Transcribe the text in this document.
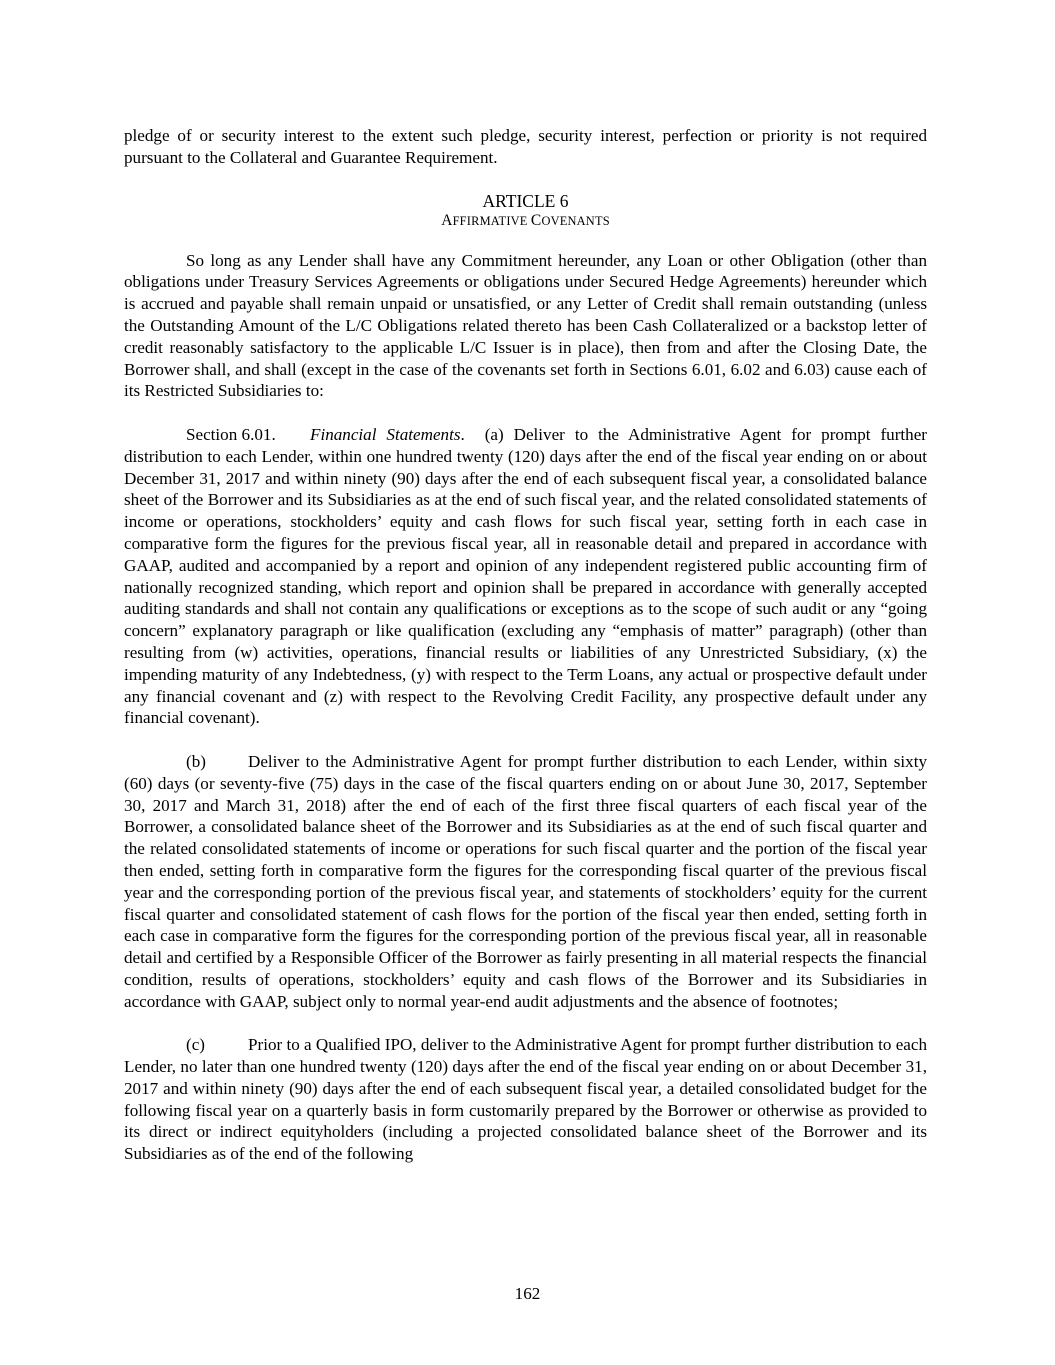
pledge of or security interest to the extent such pledge, security interest, perfection or priority is not required pursuant to the Collateral and Guarantee Requirement.

ARTICLE 6
AFFIRMATIVE COVENANTS

So long as any Lender shall have any Commitment hereunder, any Loan or other Obligation (other than obligations under Treasury Services Agreements or obligations under Secured Hedge Agreements) hereunder which is accrued and payable shall remain unpaid or unsatisfied, or any Letter of Credit shall remain outstanding (unless the Outstanding Amount of the L/C Obligations related thereto has been Cash Collateralized or a backstop letter of credit reasonably satisfactory to the applicable L/C Issuer is in place), then from and after the Closing Date, the Borrower shall, and shall (except in the case of the covenants set forth in Sections 6.01, 6.02 and 6.03) cause each of its Restricted Subsidiaries to:

Section 6.01. Financial Statements. (a) Deliver to the Administrative Agent for prompt further distribution to each Lender, within one hundred twenty (120) days after the end of the fiscal year ending on or about December 31, 2017 and within ninety (90) days after the end of each subsequent fiscal year, a consolidated balance sheet of the Borrower and its Subsidiaries as at the end of such fiscal year, and the related consolidated statements of income or operations, stockholders’ equity and cash flows for such fiscal year, setting forth in each case in comparative form the figures for the previous fiscal year, all in reasonable detail and prepared in accordance with GAAP, audited and accompanied by a report and opinion of any independent registered public accounting firm of nationally recognized standing, which report and opinion shall be prepared in accordance with generally accepted auditing standards and shall not contain any qualifications or exceptions as to the scope of such audit or any “going concern” explanatory paragraph or like qualification (excluding any “emphasis of matter” paragraph) (other than resulting from (w) activities, operations, financial results or liabilities of any Unrestricted Subsidiary, (x) the impending maturity of any Indebtedness, (y) with respect to the Term Loans, any actual or prospective default under any financial covenant and (z) with respect to the Revolving Credit Facility, any prospective default under any financial covenant).

(b) Deliver to the Administrative Agent for prompt further distribution to each Lender, within sixty (60) days (or seventy-five (75) days in the case of the fiscal quarters ending on or about June 30, 2017, September 30, 2017 and March 31, 2018) after the end of each of the first three fiscal quarters of each fiscal year of the Borrower, a consolidated balance sheet of the Borrower and its Subsidiaries as at the end of such fiscal quarter and the related consolidated statements of income or operations for such fiscal quarter and the portion of the fiscal year then ended, setting forth in comparative form the figures for the corresponding fiscal quarter of the previous fiscal year and the corresponding portion of the previous fiscal year, and statements of stockholders’ equity for the current fiscal quarter and consolidated statement of cash flows for the portion of the fiscal year then ended, setting forth in each case in comparative form the figures for the corresponding portion of the previous fiscal year, all in reasonable detail and certified by a Responsible Officer of the Borrower as fairly presenting in all material respects the financial condition, results of operations, stockholders’ equity and cash flows of the Borrower and its Subsidiaries in accordance with GAAP, subject only to normal year-end audit adjustments and the absence of footnotes;

(c)	Prior to a Qualified IPO, deliver to the Administrative Agent for prompt further distribution to each Lender, no later than one hundred twenty (120) days after the end of the fiscal year ending on or about December 31, 2017 and within ninety (90) days after the end of each subsequent fiscal year, a detailed consolidated budget for the following fiscal year on a quarterly basis in form customarily prepared by the Borrower or otherwise as provided to its direct or indirect equityholders (including a projected consolidated balance sheet of the Borrower and its Subsidiaries as of the end of the following

162
